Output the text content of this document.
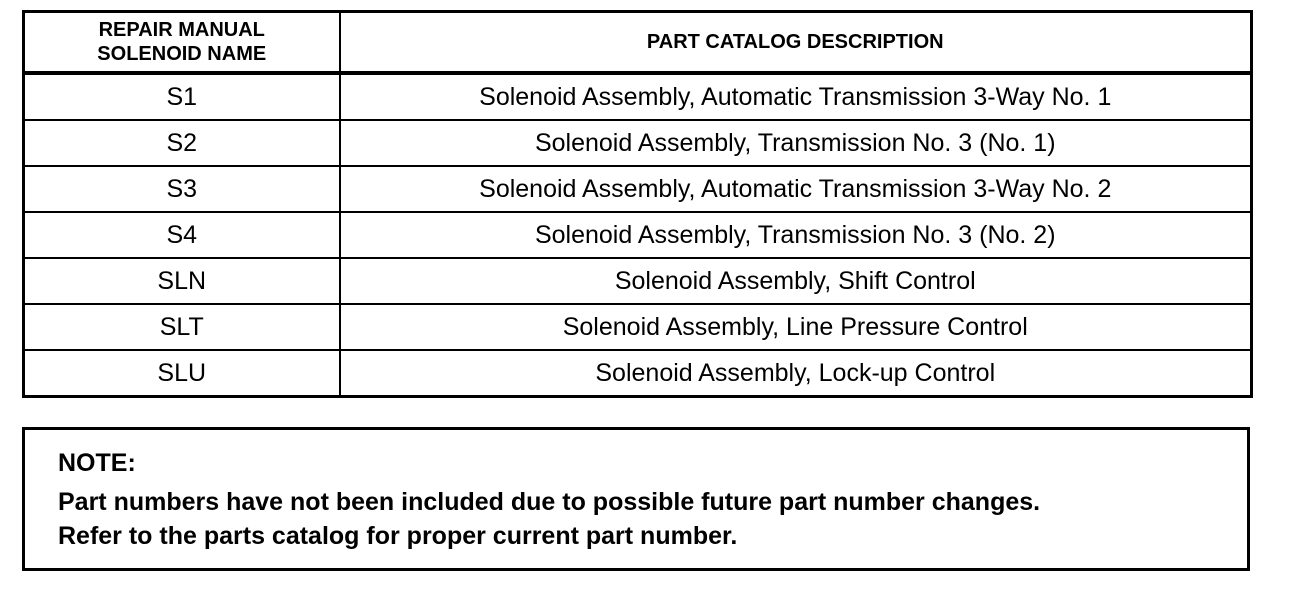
REPAIR MANUAL
SOLENOID NAME	PART CATALOG DESCRIPTION
S1	Solenoid Assembly, Automatic Transmission 3-Way No. 1
S2	Solenoid Assembly, Transmission No. 3 (No. 1)
S3	Solenoid Assembly, Automatic Transmission 3-Way No. 2
S4	Solenoid Assembly, Transmission No. 3 (No. 2)
SLN	Solenoid Assembly, Shift Control
SLT	Solenoid Assembly, Line Pressure Control
SLU	Solenoid Assembly, Lock-up Control
NOTE:
Part numbers have not been included due to possible future part number changes.
Refer to the parts catalog for proper current part number.
